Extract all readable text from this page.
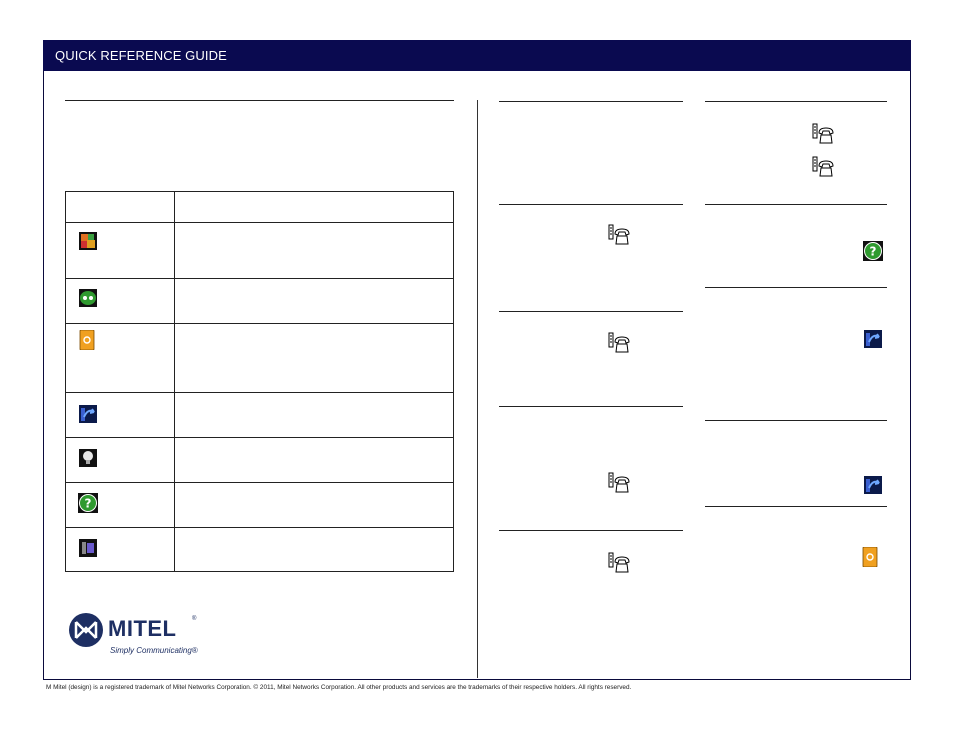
QUICK REFERENCE GUIDE
?
MITEL	®
Simply Communicating®
?
M Mitel (design) is a registered trademark of Mitel Networks Corporation. © 2011, Mitel Networks Corporation. All other products and services are the trademarks of their respective holders. All rights reserved.
